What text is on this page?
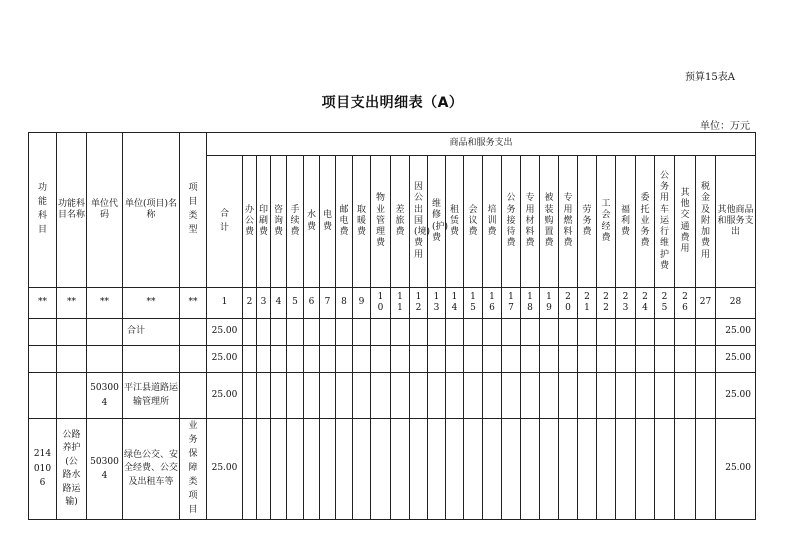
预算15表A
项目支出明细表（A）
单位：万元
功能科目	功能科目名称	单位代码	单位(项目)名称	项目类型	商品和服务支出																											

					合计	办公费	印刷费	咨询费	手续费	水费	电费	邮电费	取暖费	物业管理费	差旅费	因公出国(境)费用	维修(护)费	租赁费	会议费	培训费	公务接待费	专用材料费	被装购置费	专用燃料费	劳务费	工会经费	福利费	委托业务费	公务用车运行维护费	其他交通费用	税金及附加费用	其他商品和服务支出
**	**	**	**	**	1	2	3	4	5	6	7	8	9	10	11	12	13	14	15	16	17	18	19	20	21	22	23	24	25	26	27	28
			合计		25.00																											25.00
					25.00																											25.00

		503004	平江县道路运输管理所		25.00																											25.00

2140106	公路养护(公路水路运输)	503004	绿色公交、安全经费、公交及出租车等	业务保障类项目	25.00																											25.00
